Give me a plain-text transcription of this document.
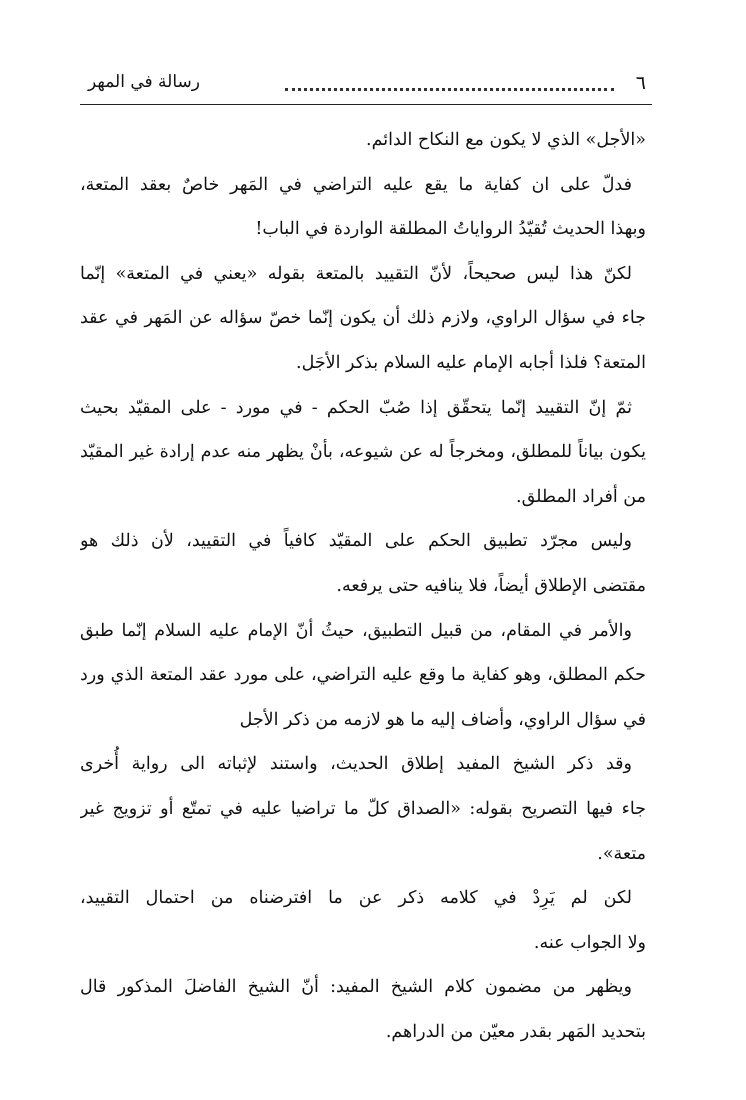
٦
رسالة في المهر
«الأجل» الذي لا يكون مع النكاح الدائم.
فدلّ على ان كفاية ما يقع عليه التراضي في المَهر خاصٌ بعقد المتعة،
وبهذا الحديث تُقيّدُ الرواياتُ المطلقة الواردة في الباب!
لكنّ هذا ليس صحيحاً، لأنّ التقييد بالمتعة بقوله «يعني في المتعة» إنّما
جاء في سؤال الراوي، ولازم ذلك أن يكون إنّما خصّ سؤاله عن المَهر في عقد
المتعة؟ فلذا أجابه الإمام عليه السلام بذكر الأجَل.
ثمّ إنّ التقييد إنّما يتحقّق إذا صُبّ الحكم - في مورد - على المقيّد بحيث
يكون بياناً للمطلق، ومخرجاً له عن شيوعه، بأنْ يظهر منه عدم إرادة غير المقيّد
من أفراد المطلق.
وليس مجرّد تطبيق الحكم على المقيّد كافياً في التقييد، لأن ذلك هو
مقتضى الإطلاق أيضاً، فلا ينافيه حتى يرفعه.
والأمر في المقام، من قبيل التطبيق، حيثُ أنّ الإمام عليه السلام إنّما طبق
حكم المطلق، وهو كفاية ما وقع عليه التراضي، على مورد عقد المتعة الذي ورد
في سؤال الراوي، وأضاف إليه ما هو لازمه من ذكر الأجل
وقد ذكر الشيخ المفيد إطلاق الحديث، واستند لإثباته الى رواية أُخرى
جاء فيها التصريح بقوله: «الصداق كلّ ما تراضيا عليه في تمتّع أو تزويج غير
متعة».
لكن لم يَرِدْ في كلامه ذكر عن ما افترضناه من احتمال التقييد،
ولا الجواب عنه.
ويظهر من مضمون كلام الشيخ المفيد: أنّ الشيخ الفاضلَ المذكور قال
بتحديد المَهر بقدر معيّن من الدراهم.
